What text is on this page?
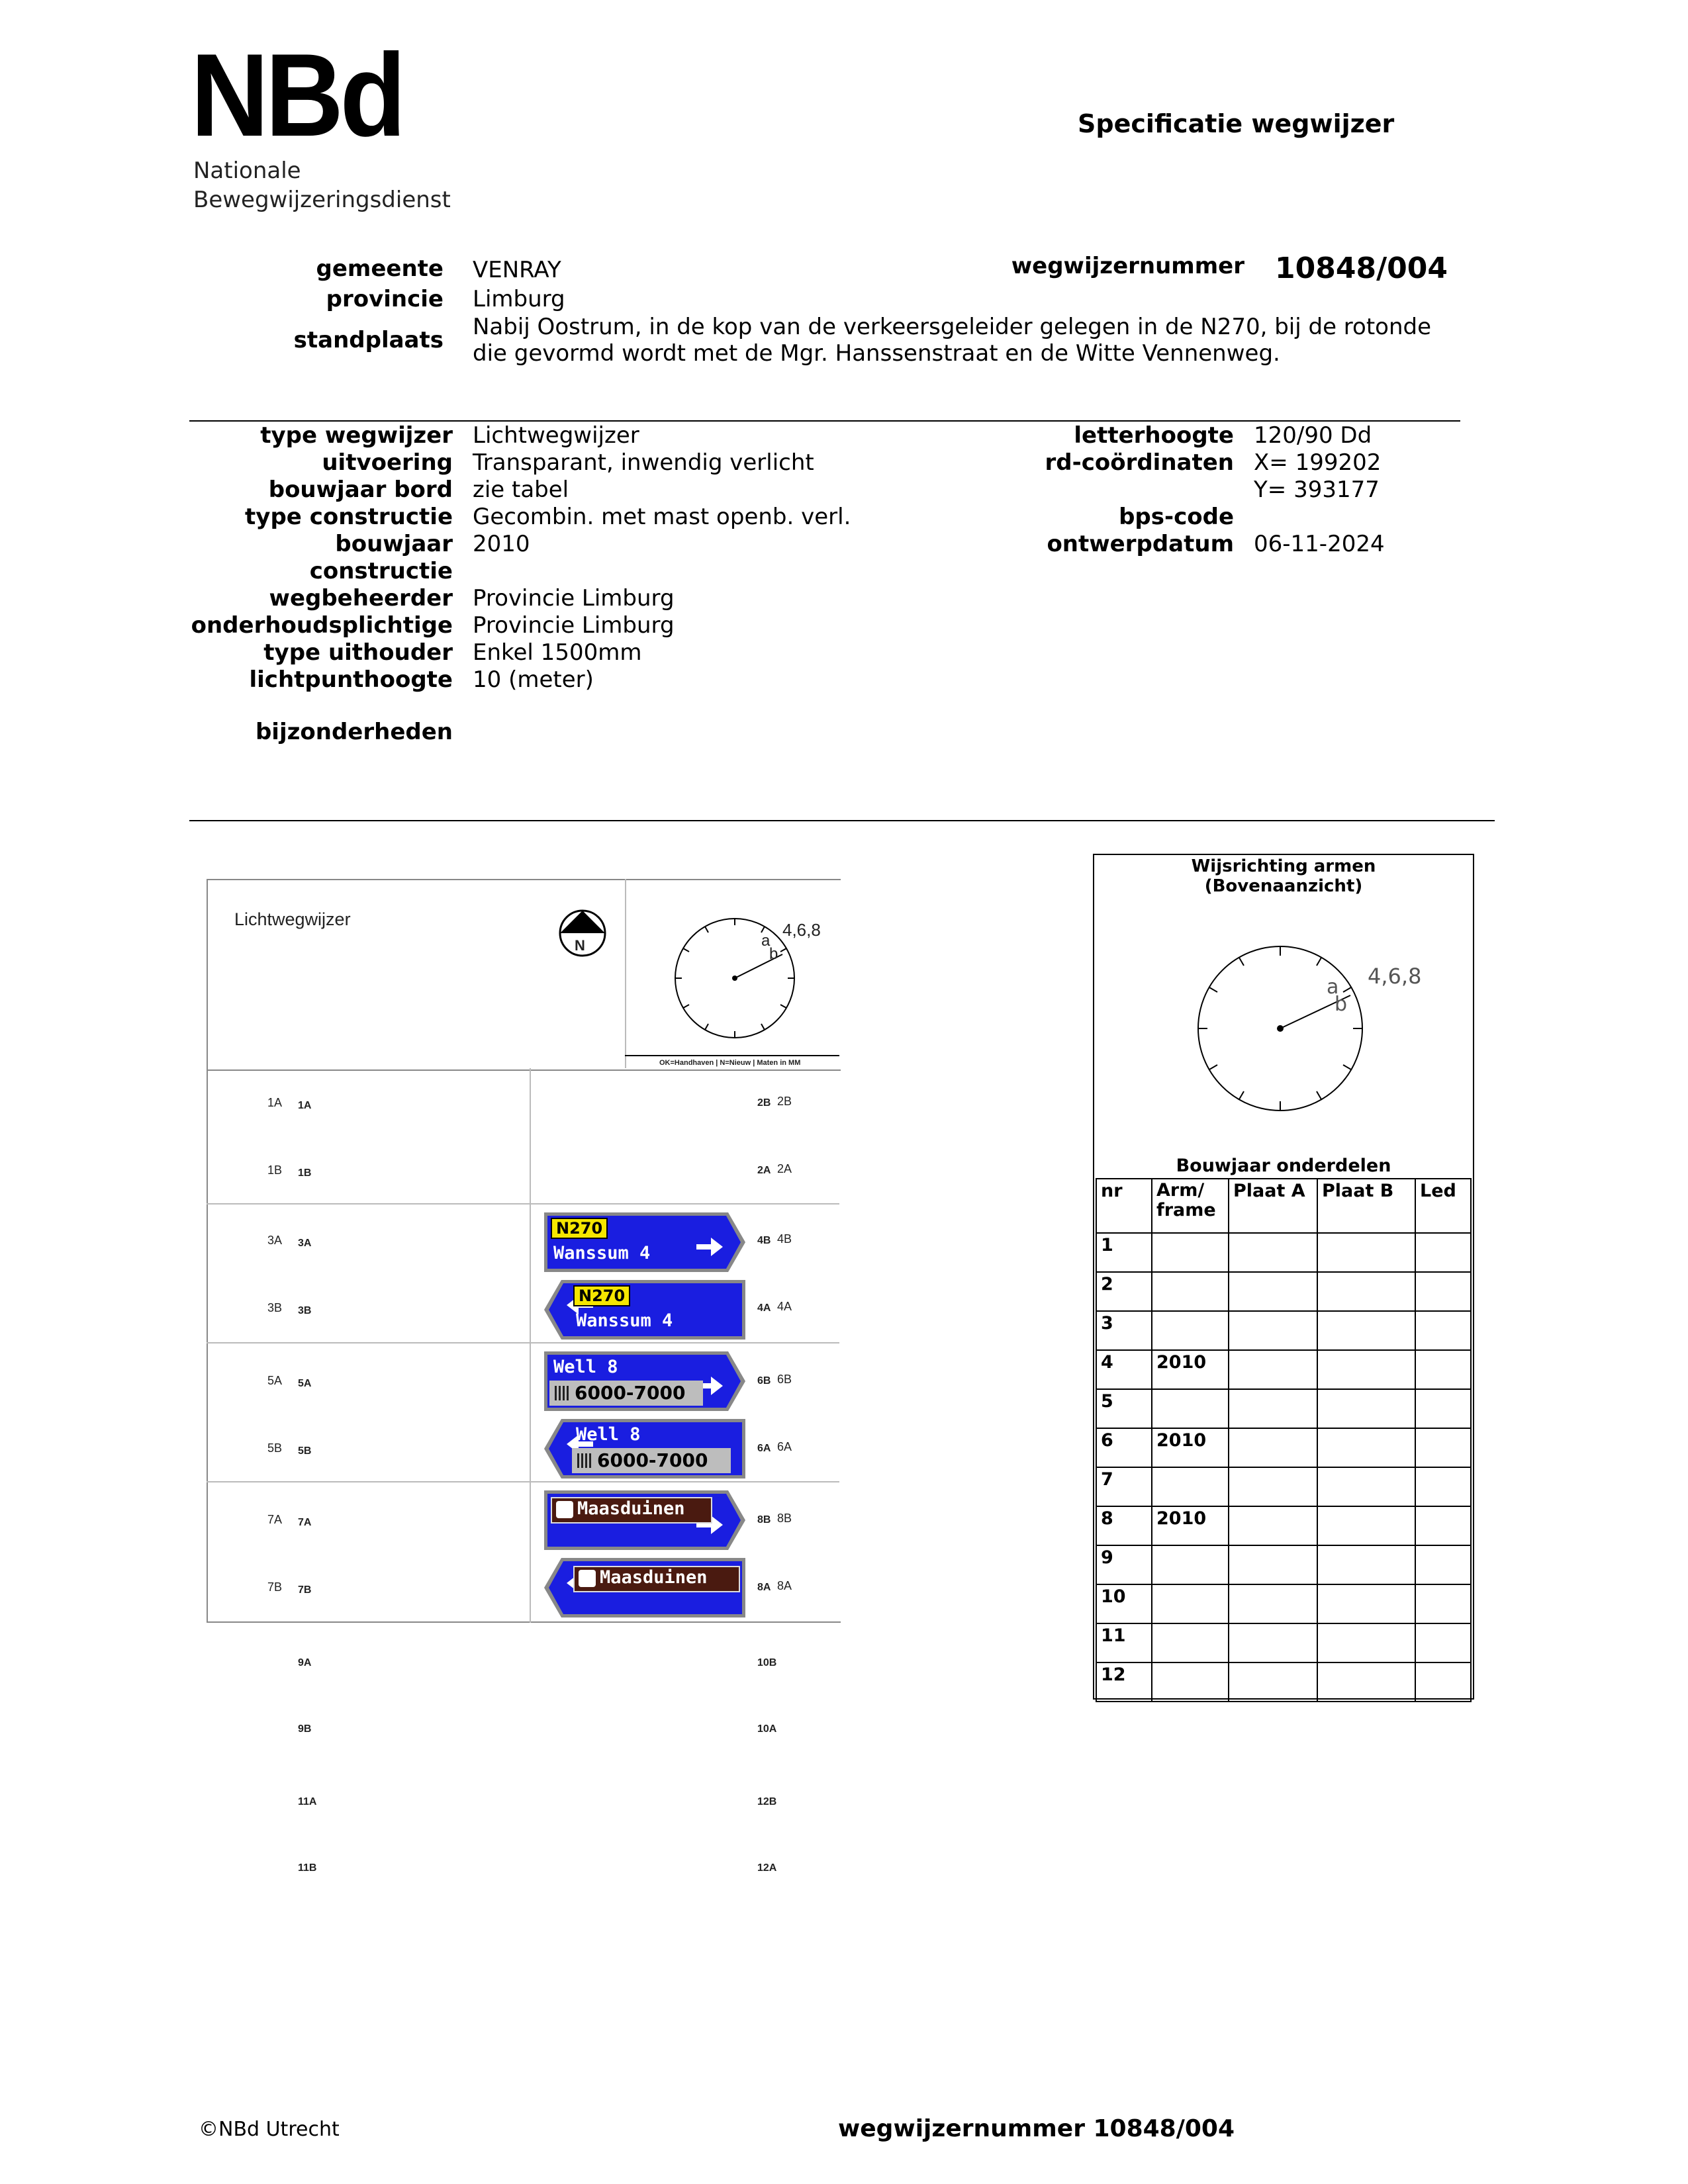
NBd
Nationale
Bewegwijzeringsdienst
Specificatie wegwijzer
gemeente VENRAY
provincie Limburg
standplaats Nabij Oostrum, in de kop van de verkeersgeleider gelegen in de N270, bij de rotonde
die gevormd wordt met de Mgr. Hanssenstraat en de Witte Vennenweg.
wegwijzernummer 10848/004
type wegwijzer Lichtwegwijzer
uitvoering Transparant, inwendig verlicht
bouwjaar bord zie tabel
type constructie Gecombin. met mast openb. verl.
bouwjaar 2010
constructie
wegbeheerder Provincie Limburg
onderhoudsplichtige Provincie Limburg
type uithouder Enkel 1500mm
lichtpunthoogte 10 (meter)
bijzonderheden
letterhoogte 120/90 Dd
rd-coördinaten X= 199202
Y= 393177
bps-code
ontwerpdatum 06-11-2024
Lichtwegwijzer
N
4,6,8
a
b
OK=Handhaven | N=Nieuw | Maten in MM
1A 1A	2B 2B
1B 1B	2A 2A
3A 3A	4B 4B
3B 3B	4A 4A
5A 5A	6B 6B
5B 5B	6A 6A
7A 7A	8B 8B
7B 7B	8A 8A
9A	10B
9B	10A
11A	12B
11B	12A
N270
Wanssum 4
N270
Wanssum 4
Well 8
6000-7000
Well 8
6000-7000
Maasduinen
Maasduinen
Wijsrichting armen
(Bovenaanzicht)
4,6,8
a
b
Bouwjaar onderdelen
nr	Arm/ frame	Plaat A	Plaat B	Led
1				
2				
3				
4	2010			
5				
6	2010			
7				
8	2010			
9				
10				
11				
12				
©NBd Utrecht	wegwijzernummer 10848/004
